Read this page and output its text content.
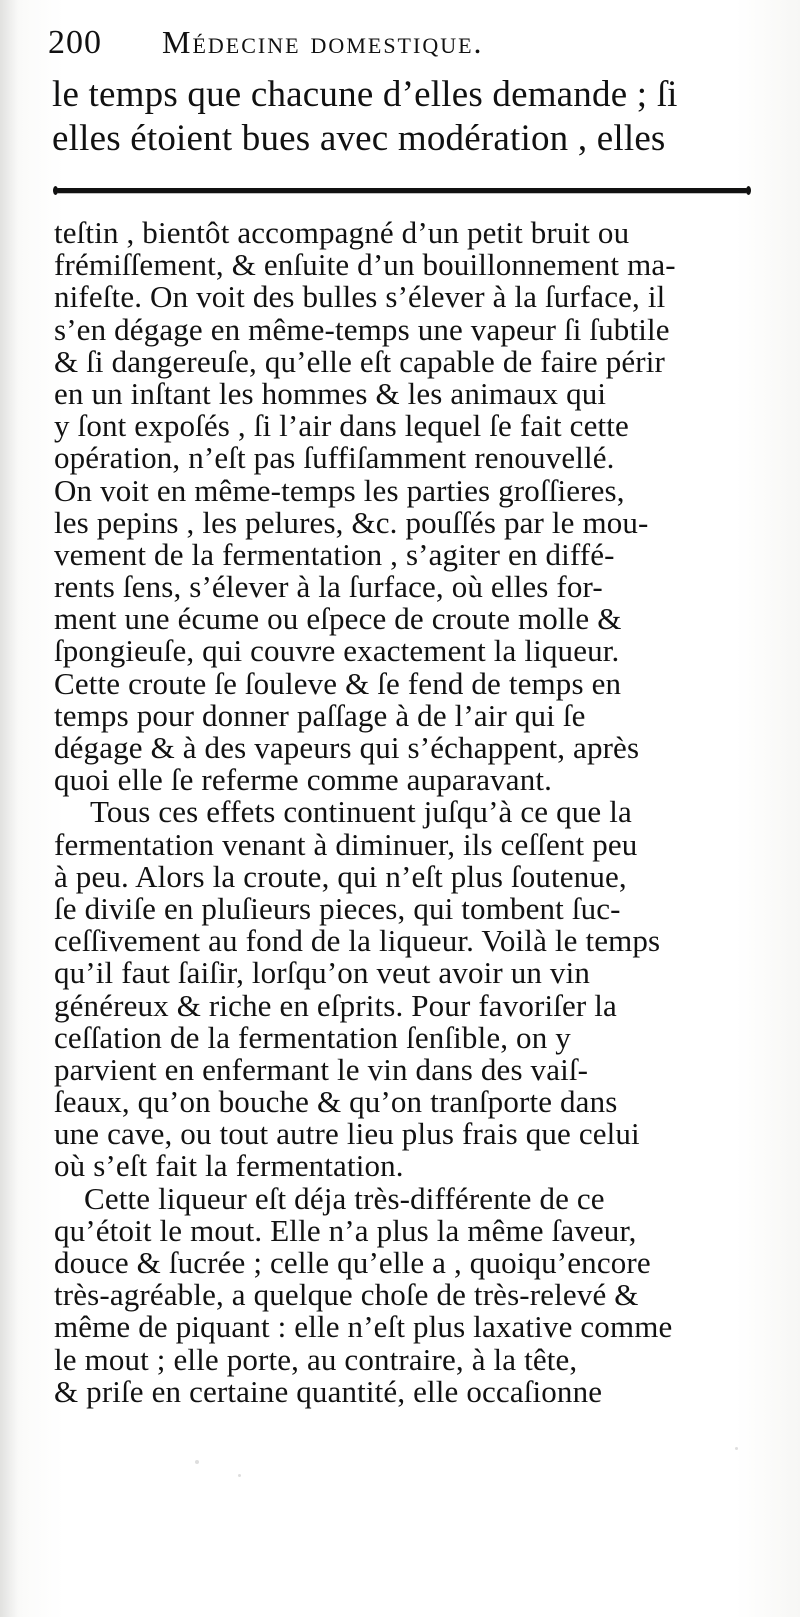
200 Médecine domestique.
le temps que chacune d’elles demande ; ſi
elles étoient bues avec modération , elles
teſtin , bientôt accompagné d’un petit bruit ou
frémiſſement, & enſuite d’un bouillonnement ma-
nifeſte. On voit des bulles s’élever à la ſurface, il
s’en dégage en même-temps une vapeur ſi ſubtile
& ſi dangereuſe, qu’elle eſt capable de faire périr
en un inſtant les hommes & les animaux qui
y ſont expoſés , ſi l’air dans lequel ſe fait cette
opération, n’eſt pas ſuffiſamment renouvellé.
On voit en même-temps les parties groſſieres,
les pepins , les pelures, &c. pouſſés par le mou-
vement de la fermentation , s’agiter en diffé-
rents ſens, s’élever à la ſurface, où elles for-
ment une écume ou eſpece de croute molle &
ſpongieuſe, qui couvre exactement la liqueur.
Cette croute ſe ſouleve & ſe fend de temps en
temps pour donner paſſage à de l’air qui ſe
dégage & à des vapeurs qui s’échappent, après
quoi elle ſe referme comme auparavant.
Tous ces effets continuent juſqu’à ce que la
fermentation venant à diminuer, ils ceſſent peu
à peu. Alors la croute, qui n’eſt plus ſoutenue,
ſe diviſe en pluſieurs pieces, qui tombent ſuc-
ceſſivement au fond de la liqueur. Voilà le temps
qu’il faut ſaiſir, lorſqu’on veut avoir un vin
généreux & riche en eſprits. Pour favoriſer la
ceſſation de la fermentation ſenſible, on y
parvient en enfermant le vin dans des vaiſ-
ſeaux, qu’on bouche & qu’on tranſporte dans
une cave, ou tout autre lieu plus frais que celui
où s’eſt fait la fermentation.
Cette liqueur eſt déja très-différente de ce
qu’étoit le mout. Elle n’a plus la même ſaveur,
douce & ſucrée ; celle qu’elle a , quoiqu’encore
très-agréable, a quelque choſe de très-relevé &
même de piquant : elle n’eſt plus laxative comme
le mout ; elle porte, au contraire, à la tête,
& priſe en certaine quantité, elle occaſionne
